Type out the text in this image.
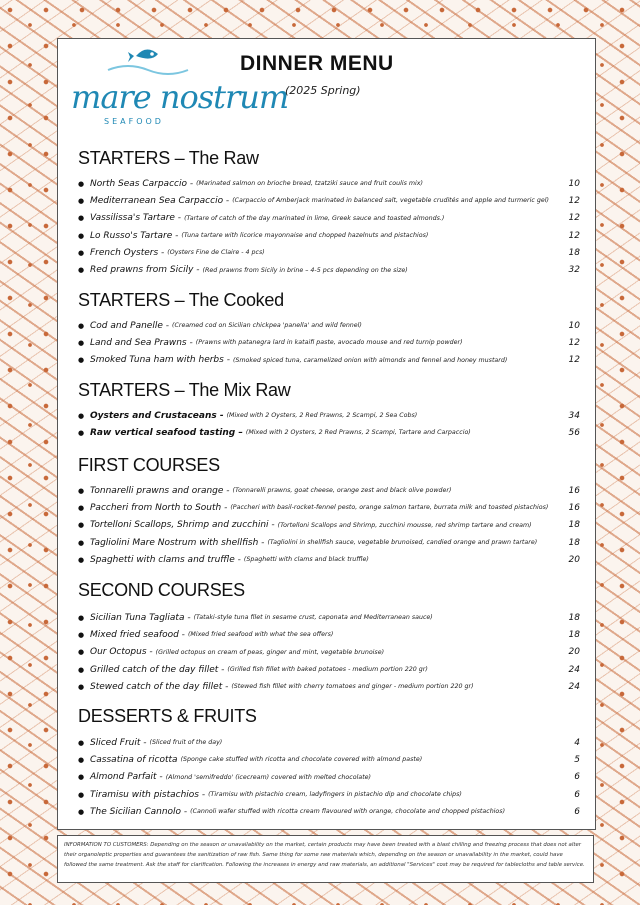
mare nostrum
SEAFOOD
DINNER MENU
(2025 Spring)
INFORMATION TO CUSTOMERS: Depending on the season or unavailability on the market, certain products may have been treated with a blast chilling and freezing process that does not alter their organoleptic properties and guarantees the sanitization of raw fish. Same thing for some raw materials which, depending on the season or unavailability in the market, could have followed the same treatment. Ask the staff for clarification. Following the increases in energy and raw materials, an additional "Services" cost may be required for tablecloths and table service.
STARTERS – The Raw
● North Seas Carpaccio - (Marinated salmon on brioche bread, tzatziki sauce and fruit coulis mix)	10
● Mediterranean Sea Carpaccio - (Carpaccio of Amberjack marinated in balanced salt, vegetable crudités and apple and turmeric gel) 12
● Vassilissa's Tartare - (Tartare of catch of the day marinated in lime, Greek sauce and toasted almonds.)	12
● Lo Russo's Tartare - (Tuna tartare with licorice mayonnaise and chopped hazelnuts and pistachios)	12
● French Oysters - (Oysters Fine de Claire - 4 pcs)	18
● Red prawns from Sicily - (Red prawns from Sicily in brine – 4-5 pcs depending on the size)	32
STARTERS – The Cooked
● Cod and Panelle - (Creamed cod on Sicilian chickpea 'panella' and wild fennel)	10
● Land and Sea Prawns - (Prawns with patanegra lard in kataifi paste, avocado mouse and red turnip powder)	12
● Smoked Tuna ham with herbs - (Smoked spiced tuna, caramelized onion with almonds and fennel and honey mustard)	12
STARTERS – The Mix Raw
● Oysters and Crustaceans - (Mixed with 2 Oysters, 2 Red Prawns, 2 Scampi, 2 Sea Cobs)	34
● Raw vertical seafood tasting – (Mixed with 2 Oysters, 2 Red Prawns, 2 Scampi, Tartare and Carpaccio)	56
FIRST COURSES
● Tonnarelli prawns and orange - (Tonnarelli prawns, goat cheese, orange zest and black olive powder)	16
● Paccheri from North to South - (Paccheri with basil-rocket-fennel pesto, orange salmon tartare, burrata milk and toasted pistachios) 16
● Tortelloni Scallops, Shrimp and zucchini - (Tortelloni Scallops and Shrimp, zucchini mousse, red shrimp tartare and cream)	18
● Tagliolini Mare Nostrum with shellfish - (Tagliolini in shellfish sauce, vegetable brunoised, candied orange and prawn tartare)	18
● Spaghetti with clams and truffle - (Spaghetti with clams and black truffle)	20
SECOND COURSES
● Sicilian Tuna Tagliata - (Tataki-style tuna filet in sesame crust, caponata and Mediterranean sauce)	18
● Mixed fried seafood - (Mixed fried seafood with what the sea offers)	18
● Our Octopus - (Grilled octopus on cream of peas, ginger and mint, vegetable brunoise)	20
● Grilled catch of the day fillet - (Grilled fish fillet with baked potatoes - medium portion 220 gr)	24
● Stewed catch of the day fillet - (Stewed fish fillet with cherry tomatoes and ginger - medium portion 220 gr)	24
DESSERTS & FRUITS
● Sliced Fruit - (Sliced fruit of the day)	4
● Cassatina of ricotta (Sponge cake stuffed with ricotta and chocolate covered with almond paste)	5
● Almond Parfait - (Almond 'semifreddo' (icecream) covered with melted chocolate)	6
● Tiramisu with pistachios - (Tiramisu with pistachio cream, ladyfingers in pistachio dip and chocolate chips)	6
● The Sicilian Cannolo - (Cannoli wafer stuffed with ricotta cream flavoured with orange, chocolate and chopped pistachios)	6
